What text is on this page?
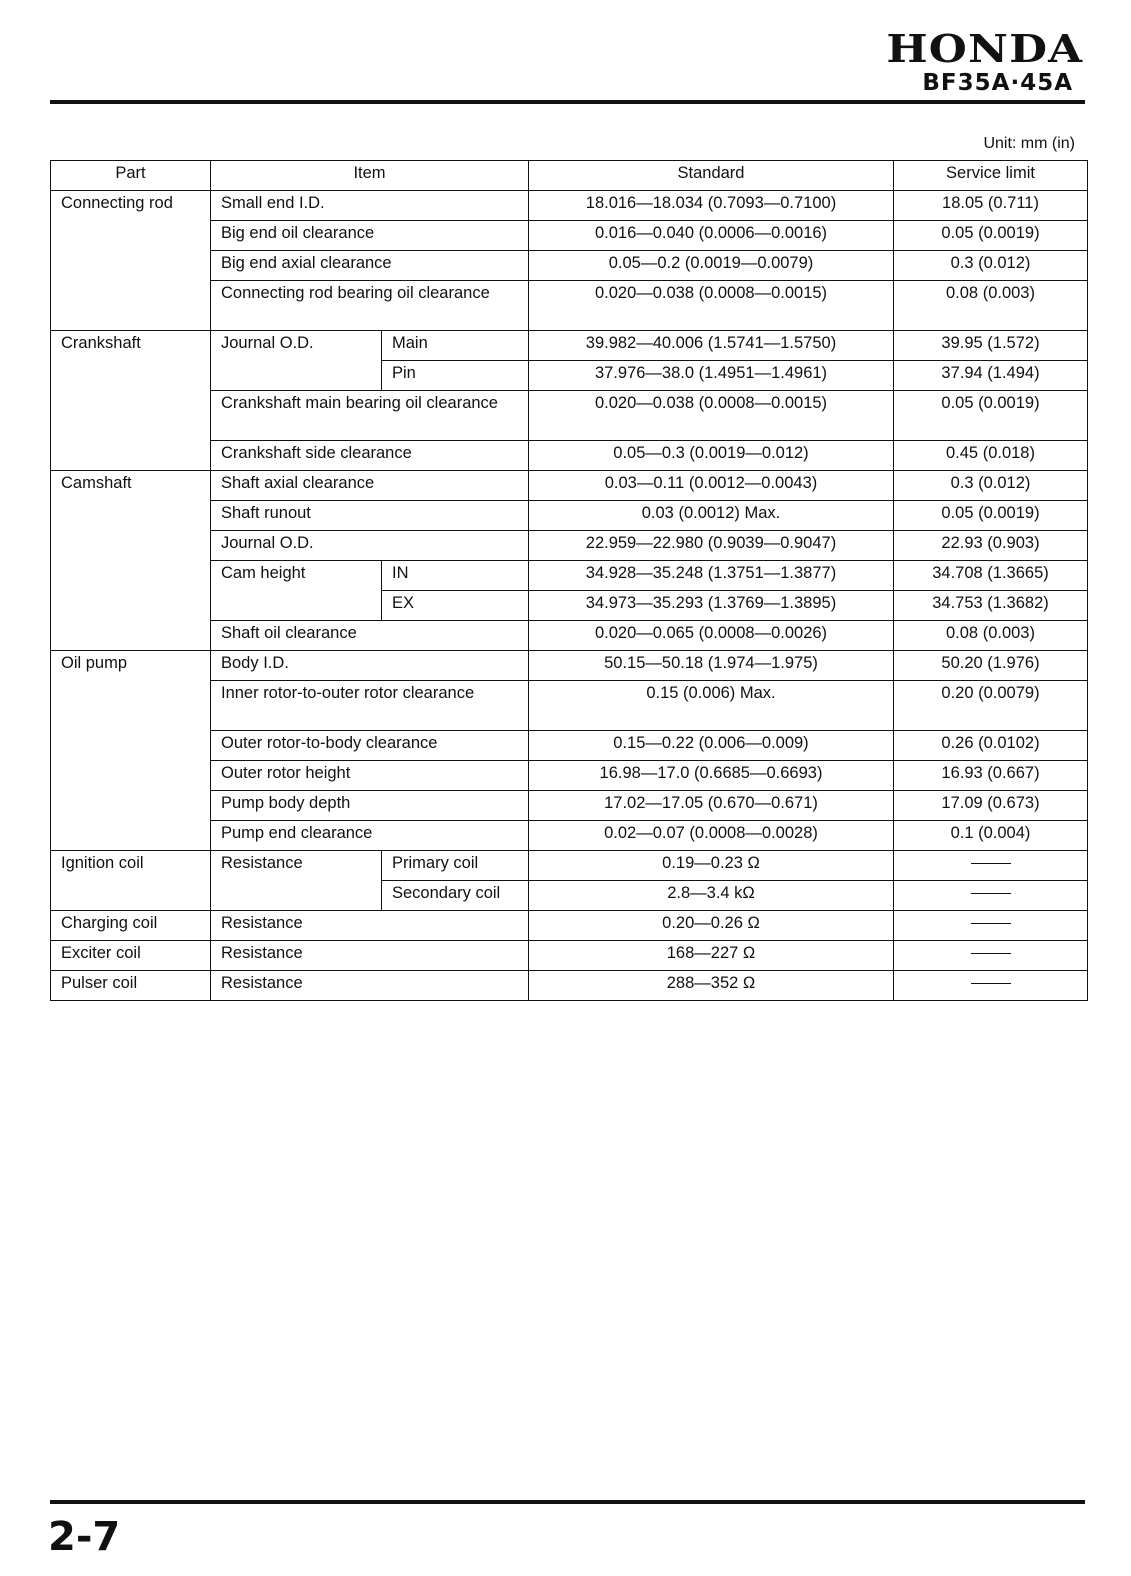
HONDA
BF35A·45A
Unit: mm (in)
Part	Item		Standard	Service limit
Connecting rod	Small end I.D.		18.016—18.034 (0.7093—0.7100)	18.05 (0.711)
	Big end oil clearance		0.016—0.040 (0.0006—0.0016)	0.05 (0.0019)
	Big end axial clearance		0.05—0.2 (0.0019—0.0079)	0.3 (0.012)
	Connecting rod bearing oil clearance		0.020—0.038 (0.0008—0.0015)	0.08 (0.003)
Crankshaft	Journal O.D.	Main	39.982—40.006 (1.5741—1.5750)	39.95 (1.572)
		Pin	37.976—38.0 (1.4951—1.4961)	37.94 (1.494)
	Crankshaft main bearing oil clearance		0.020—0.038 (0.0008—0.0015)	0.05 (0.0019)
	Crankshaft side clearance		0.05—0.3 (0.0019—0.012)	0.45 (0.018)
Camshaft	Shaft axial clearance		0.03—0.11 (0.0012—0.0043)	0.3 (0.012)
	Shaft runout		0.03 (0.0012) Max.	0.05 (0.0019)
	Journal O.D.		22.959—22.980 (0.9039—0.9047)	22.93 (0.903)
	Cam height	IN	34.928—35.248 (1.3751—1.3877)	34.708 (1.3665)
		EX	34.973—35.293 (1.3769—1.3895)	34.753 (1.3682)
	Shaft oil clearance		0.020—0.065 (0.0008—0.0026)	0.08 (0.003)
Oil pump	Body I.D.		50.15—50.18 (1.974—1.975)	50.20 (1.976)
	Inner rotor-to-outer rotor clearance		0.15 (0.006) Max.	0.20 (0.0079)
	Outer rotor-to-body clearance		0.15—0.22 (0.006—0.009)	0.26 (0.0102)
	Outer rotor height		16.98—17.0 (0.6685—0.6693)	16.93 (0.667)
	Pump body depth		17.02—17.05 (0.670—0.671)	17.09 (0.673)
	Pump end clearance		0.02—0.07 (0.0008—0.0028)	0.1 (0.004)
Ignition coil	Resistance	Primary coil	0.19—0.23 Ω	
		Secondary coil	2.8—3.4 kΩ	
Charging coil	Resistance		0.20—0.26 Ω	
Exciter coil	Resistance		168—227 Ω	
Pulser coil	Resistance		288—352 Ω	
2-7
